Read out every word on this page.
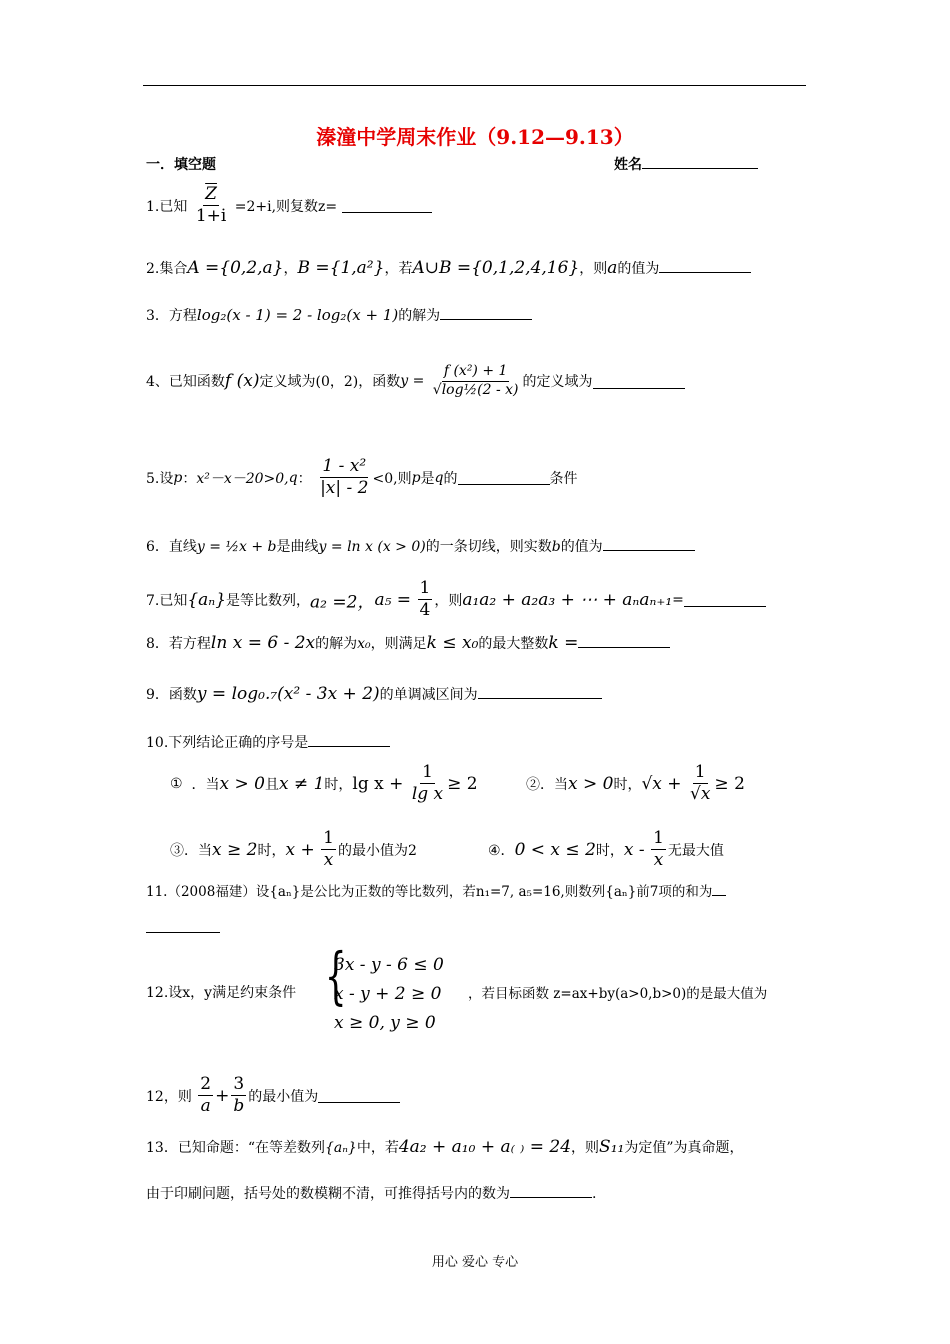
溱潼中学周末作业（9.12—9.13）
一．填空题	姓名
1.已知 $\frac{\overline{Z}}{1+i} =2+i$,则复数z=
2.集合A ={0,2,a}，B ={1,a²}，若A∪B ={0,1,2,4,16}，则a的值为
3．方程log₂(x - 1) = 2 - log₂(x + 1)的解为
4、已知函数f (x)定义域为(0，2)，函数$y = \frac{\text{f (x²) + 1}}{\text{√log½(2 - x)}}$ 的定义域为
5.设p：x²－x－20>0,q： $\frac{\text{1 - x²}}{|x| - 2} <0$,则p是q的	条件
6．直线y = ½x + b是曲线y = ln x (x > 0)的一条切线，则实数b的值为
7.已知{aₙ}是等比数列，a₂ =2，$a_5 = \frac{1}{4}$ ，则a₁a₂ + a₂a₃ + ⋯ + aₙaₙ₊₁=
8．若方程ln x = 6 - 2x的解为x₀，则满足k ≤ x₀的最大整数k =
9．函数y = log₀.₇(x² - 3x + 2)的单调减区间为
10.下列结论正确的序号是
① ．当x > 0且x ≠ 1时，$\lg x + \frac{1}{\text{lg x}} \ge 2$	②．当x > 0时，$√x + \frac{1}{√x} \ge 2$
③．当x ≥ 2时，$x + \frac{1}{x}$ 的最小值为2	④．0 < x ≤ 2时，x - $\frac{1}{x}$ 无最大值
11.（2008福建）设{aₙ}是公比为正数的等比数列，若n₁=7, a₅=16,则数列{aₙ}前7项的和为
12.设x，y满足约束条件 {
3x - y - 6 ≤ 0
x - y + 2 ≥ 0
x ≥ 0, y ≥ 0
，若目标函数 z=ax+by(a>0,b>0)的是最大值为
12，则 $\frac{2}{a} + \frac{3}{b}$ 的最小值为
13．已知命题：“在等差数列{aₙ}中，若4a₂ + a₁₀ + a₍ ₎ = 24，则S₁₁为定值”为真命题，
由于印刷问题，括号处的数模糊不清，可推得括号内的数为	.
用心 爱心 专心
